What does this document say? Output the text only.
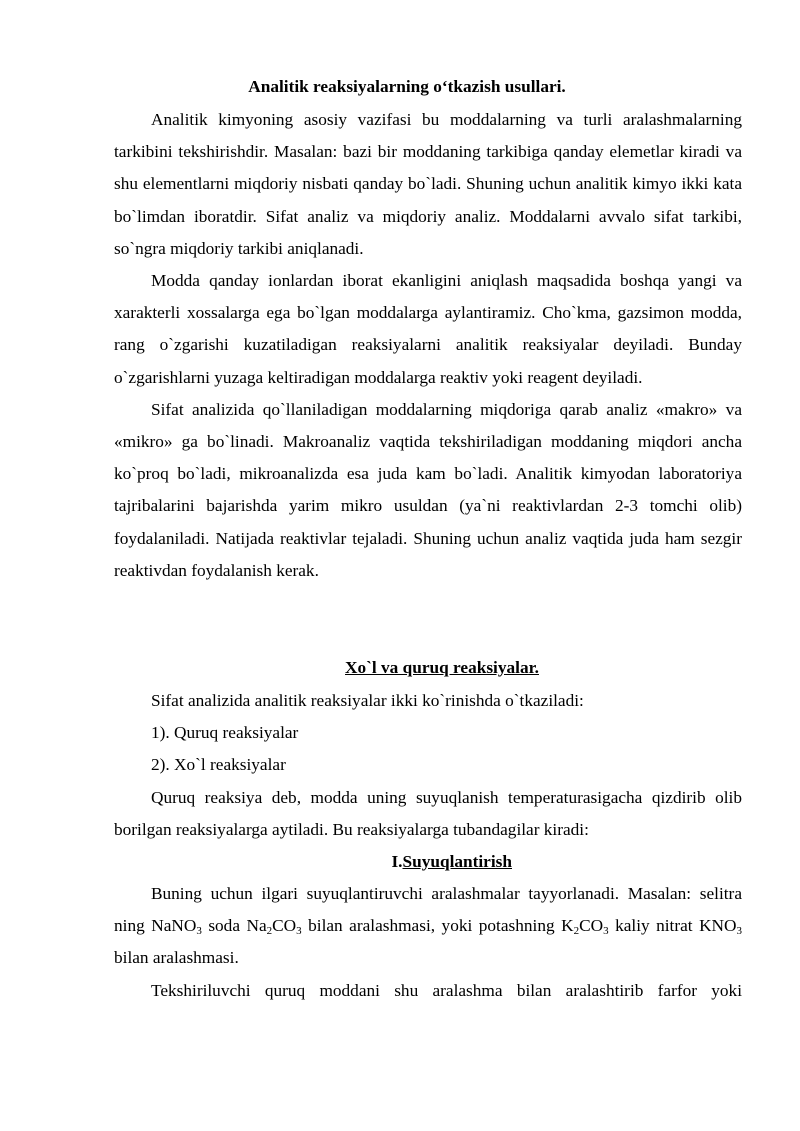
Analitik reaksiyalarning o‘tkazish usullari.

Analitik kimyoning asosiy vazifasi bu moddalarning va turli aralashmalarning tarkibini tekshirishdir. Masalan: bazi bir moddaning tarkibiga qanday elemetlar kiradi va shu elementlarni miqdoriy nisbati qanday bo`ladi. Shuning uchun analitik kimyo ikki kata bo`limdan iboratdir. Sifat analiz va miqdoriy analiz. Moddalarni avvalo sifat tarkibi, so`ngra miqdoriy tarkibi aniqlanadi.

Modda qanday ionlardan iborat ekanligini aniqlash maqsadida boshqa yangi va xarakterli xossalarga ega bo`lgan moddalarga aylantiramiz. Cho`kma, gazsimon modda, rang o`zgarishi kuzatiladigan reaksiyalarni analitik reaksiyalar deyiladi. Bunday o`zgarishlarni yuzaga keltiradigan moddalarga reaktiv yoki reagent deyiladi.

Sifat analizida qo`llaniladigan moddalarning miqdoriga qarab analiz «makro» va «mikro» ga bo`linadi. Makroanaliz vaqtida tekshiriladigan moddaning miqdori ancha ko`proq bo`ladi, mikroanalizda esa juda kam bo`ladi. Analitik kimyodan laboratoriya tajribalarini bajarishda yarim mikro usuldan (ya`ni reaktivlardan 2-3 tomchi olib) foydalaniladi. Natijada reaktivlar tejaladi. Shuning uchun analiz vaqtida juda ham sezgir reaktivdan foydalanish kerak.

Xo`l va quruq reaksiyalar.

Sifat analizida analitik reaksiyalar ikki ko`rinishda o`tkaziladi:

1). Quruq reaksiyalar

2). Xo`l reaksiyalar

Quruq reaksiya deb, modda uning suyuqlanish temperaturasigacha qizdirib olib borilgan reaksiyalarga aytiladi. Bu reaksiyalarga tubandagilar kiradi:

I.Suyuqlantirish

Buning uchun ilgari suyuqlantiruvchi aralashmalar tayyorlanadi. Masalan: selitra ning NaNO$_3$ soda $Na_2CO_3$ bilan aralashmasi, yoki potashning $K_2CO_3$ kaliy nitrat $KNO_3$ bilan aralashmasi.

Tekshiriluvchi quruq moddani shu aralashma bilan aralashtirib farfor yoki
